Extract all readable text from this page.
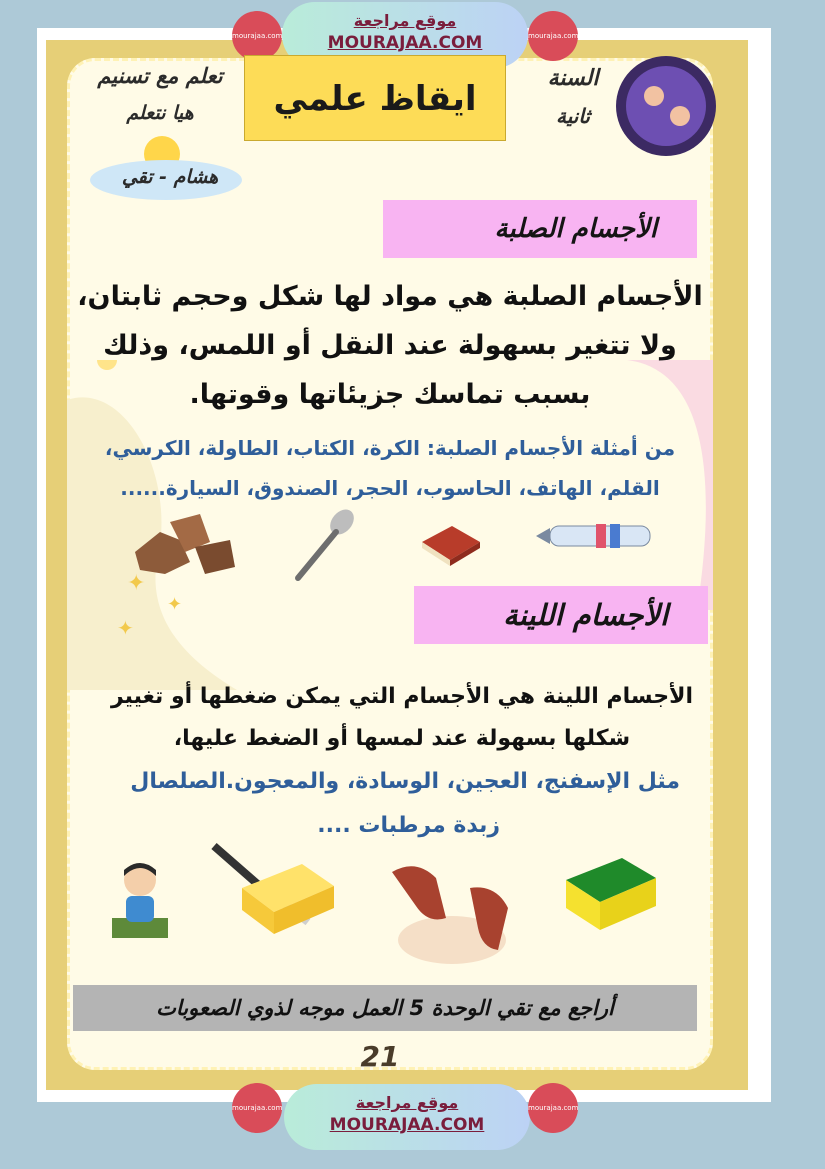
✦
✦
✦
موقع مراجعة
MOURAJAA.COM
mourajaa.com	mourajaa.com
ايقاظ علمي
تعلم مع تسنيم
هيا نتعلم
هشام - تقي
السنة
ثانية
الأجسام الصلبة
الأجسام الصلبة هي مواد لها شكل وحجم ثابتان، ولا تتغير بسهولة عند النقل أو اللمس، وذلك بسبب تماسك جزيئاتها وقوتها.
من أمثلة الأجسام الصلبة: الكرة، الكتاب، الطاولة، الكرسي، القلم، الهاتف، الحاسوب، الحجر، الصندوق، السيارة......
الأجسام اللينة
الأجسام اللينة هي الأجسام التي يمكن ضغطها أو تغيير شكلها بسهولة عند لمسها أو الضغط عليها،
مثل الإسفنج، العجين، الوسادة، والمعجون.الصلصال
زبدة مرطبات ....
أراجع مع تقي الوحدة 5 العمل موجه لذوي الصعوبات
21
موقع مراجعة
MOURAJAA.COM
mourajaa.com	mourajaa.com
